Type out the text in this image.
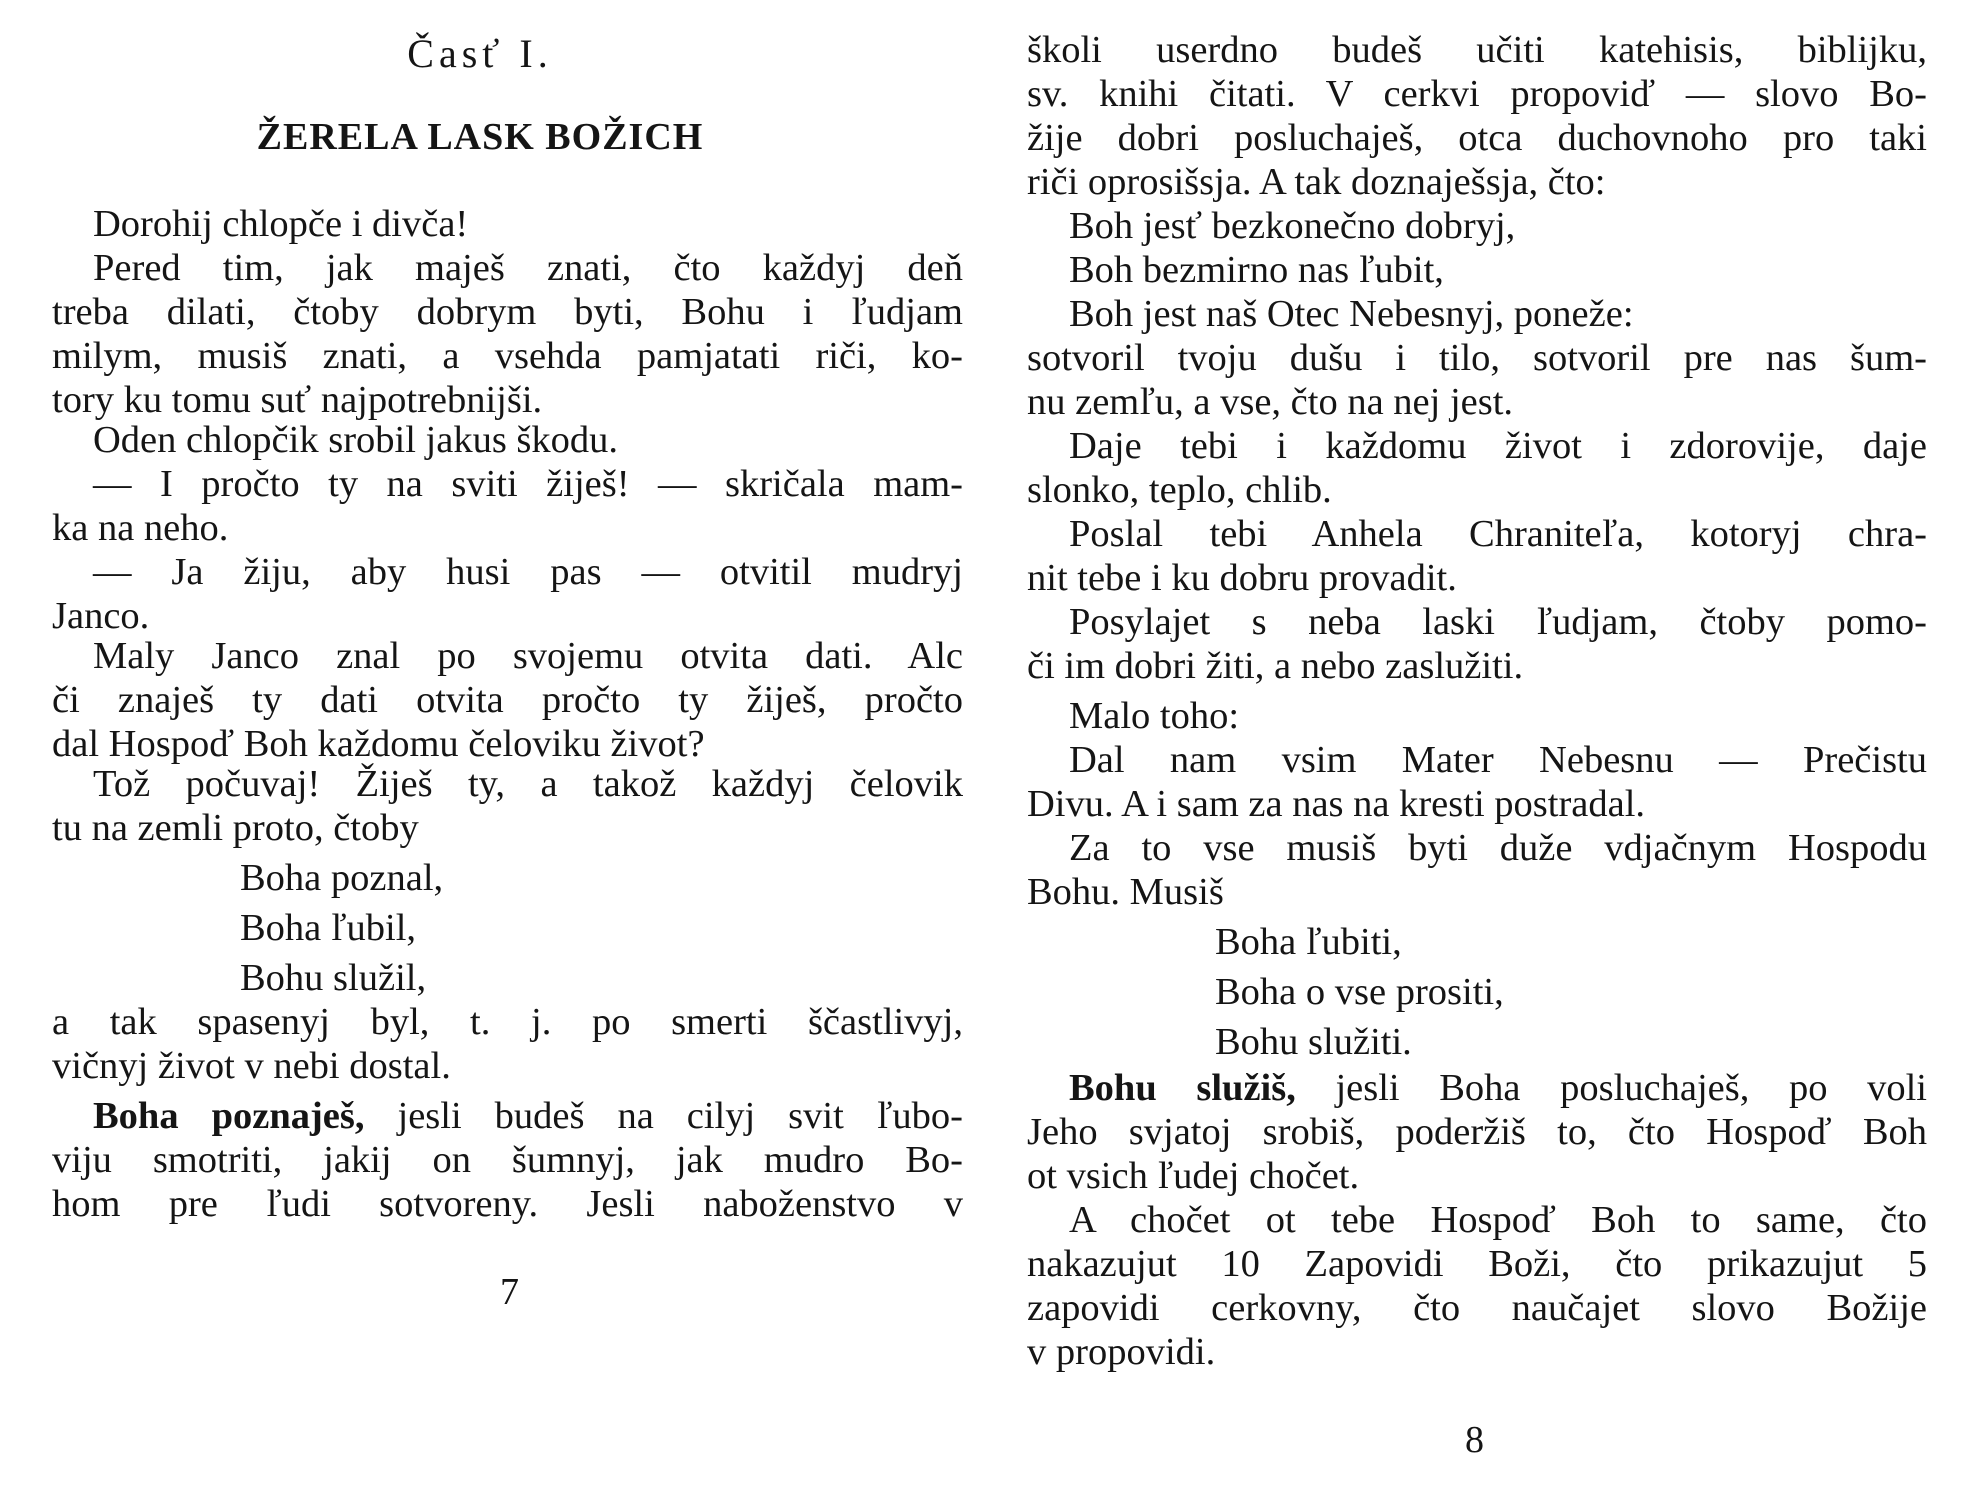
Časť I.
ŽERELA LASK BOŽICH
Dorohij chlopče i divča!
Pered tim, jak maješ znati, čto každyj deň
treba dilati, čtoby dobrym byti, Bohu i ľudjam
milym, musiš znati, a vsehda pamjatati riči, ko-
tory ku tomu suť najpotrebnijši.
Oden chlopčik srobil jakus škodu.
— I pročto ty na sviti žiješ! — skričala mam-
ka na neho.
— Ja žiju, aby husi pas — otvitil mudryj
Janco.
Maly Janco znal po svojemu otvita dati. Alc
či znaješ ty dati otvita pročto ty žiješ, pročto
dal Hospoď Boh každomu čeloviku život?
Tož počuvaj! Žiješ ty, a takož každyj čelovik
tu na zemli proto, čtoby
Boha poznal,
Boha ľubil,
Bohu služil,
a tak spasenyj byl, t. j. po smerti ščastlivyj,
vičnyj život v nebi dostal.
Boha poznaješ, jesli budeš na cilyj svit ľubo-
viju smotriti, jakij on šumnyj, jak mudro Bo-
hom pre ľudi sotvoreny. Jesli naboženstvo v
7
školi userdno budeš učiti katehisis, biblijku,
sv. knihi čitati. V cerkvi propoviď — slovo Bo-
žije dobri posluchaješ, otca duchovnoho pro taki
riči oprosišsja. A tak doznaješsja, čto:
Boh jesť bezkonečno dobryj,
Boh bezmirno nas ľubit,
Boh jest naš Otec Nebesnyj, poneže:
sotvoril tvoju dušu i tilo, sotvoril pre nas šum-
nu zemľu, a vse, čto na nej jest.
Daje tebi i každomu život i zdorovije, daje
slonko, teplo, chlib.
Poslal tebi Anhela Chraniteľa, kotoryj chra-
nit tebe i ku dobru provadit.
Posylajet s neba laski ľudjam, čtoby pomo-
či im dobri žiti, a nebo zaslužiti.
Malo toho:
Dal nam vsim Mater Nebesnu — Prečistu
Divu. A i sam za nas na kresti postradal.
Za to vse musiš byti duže vdjačnym Hospodu
Bohu. Musiš
Boha ľubiti,
Boha o vse prositi,
Bohu služiti.
Bohu služiš, jesli Boha posluchaješ, po voli
Jeho svjatoj srobiš, poderžiš to, čto Hospoď Boh
ot vsich ľudej chočet.
A chočet ot tebe Hospoď Boh to same, čto
nakazujut 10 Zapovidi Boži, čto prikazujut 5
zapovidi cerkovny, čto naučajet slovo Božije
v propovidi.
8
